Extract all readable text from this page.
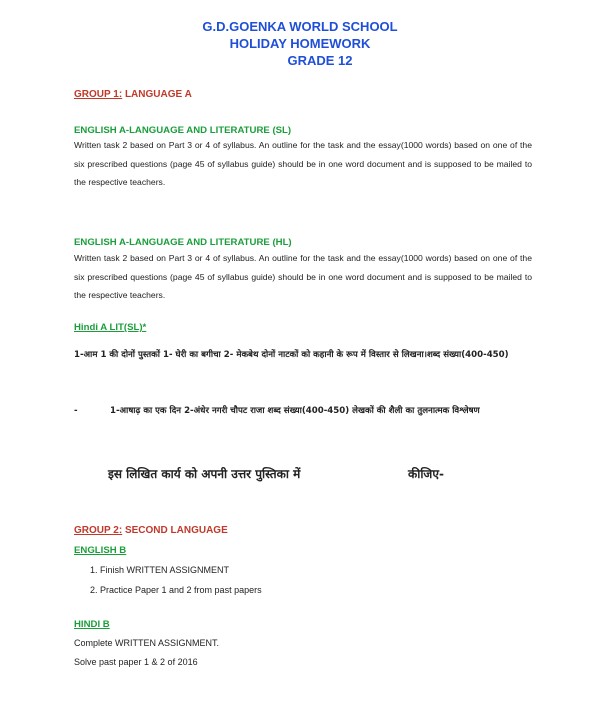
G.D.GOENKA WORLD SCHOOL
HOLIDAY HOMEWORK
GRADE 12
GROUP 1: LANGUAGE A
ENGLISH A-LANGUAGE AND LITERATURE (SL)
Written task 2 based on Part 3 or 4 of syllabus. An outline for the task and the essay(1000 words) based on one of the six prescribed questions (page 45 of syllabus guide) should be in one word document and is supposed to be mailed to the respective teachers.
ENGLISH A-LANGUAGE AND LITERATURE (HL)
Written task 2 based on Part 3 or 4 of syllabus. An outline for the task and the essay(1000 words) based on one of the six prescribed questions (page 45 of syllabus guide) should be in one word document and is supposed to be mailed to the respective teachers.
Hindi A LIT(SL)*
1-आम 1 की दोनों पुस्तकों 1- घेरी का बगीचा 2- मेकबेथ दोनों नाटकों को कहानी के रूप में विस्तार से लिखना।शब्द संख्या(400-450)
-	1-आषाढ़ का एक दिन 2-अंधेर नगरी चौपट राजा शब्द संख्या(400-450) लेखकों की शैली का तुलनात्मक विश्लेषण
इस लिखित कार्य को अपनी उत्तर पुस्तिका में	कीजिए-
GROUP 2: SECOND LANGUAGE
ENGLISH B
1. Finish WRITTEN ASSIGNMENT
2. Practice Paper 1 and 2 from past papers
HINDI B
Complete WRITTEN ASSIGNMENT.
Solve past paper 1 & 2 of 2016
